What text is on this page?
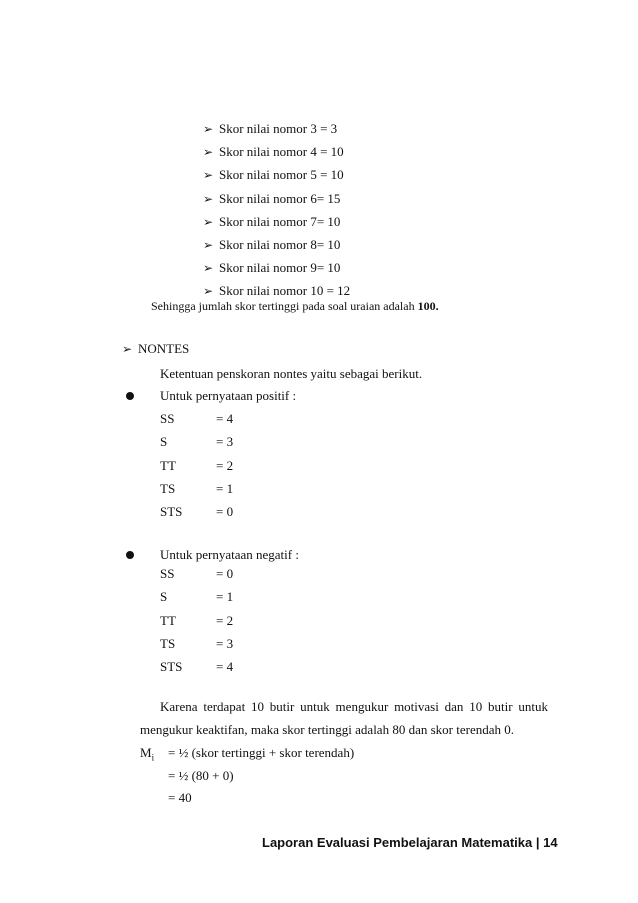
➢ Skor nilai nomor 3 = 3
➢ Skor nilai nomor 4 = 10
➢ Skor nilai nomor 5 = 10
➢ Skor nilai nomor 6= 15
➢ Skor nilai nomor 7= 10
➢ Skor nilai nomor 8= 10
➢ Skor nilai nomor 9= 10
➢ Skor nilai nomor 10 = 12
Sehingga jumlah skor tertinggi pada soal uraian adalah 100.
➢ NONTES
Ketentuan penskoran nontes yaitu sebagai berikut.
Untuk pernyataan positif :
SS	= 4
S	= 3
TT	= 2
TS	= 1
STS	= 0
Untuk pernyataan negatif :
SS	= 0
S	= 1
TT	= 2
TS	= 3
STS	= 4
Karena terdapat 10 butir untuk mengukur motivasi dan 10 butir untuk
mengukur keaktifan, maka skor tertinggi adalah 80 dan skor terendah 0.
$M_i$ = ½ (skor tertinggi + skor terendah)
= ½ (80 + 0)
= 40
Laporan Evaluasi Pembelajaran Matematika | 14
